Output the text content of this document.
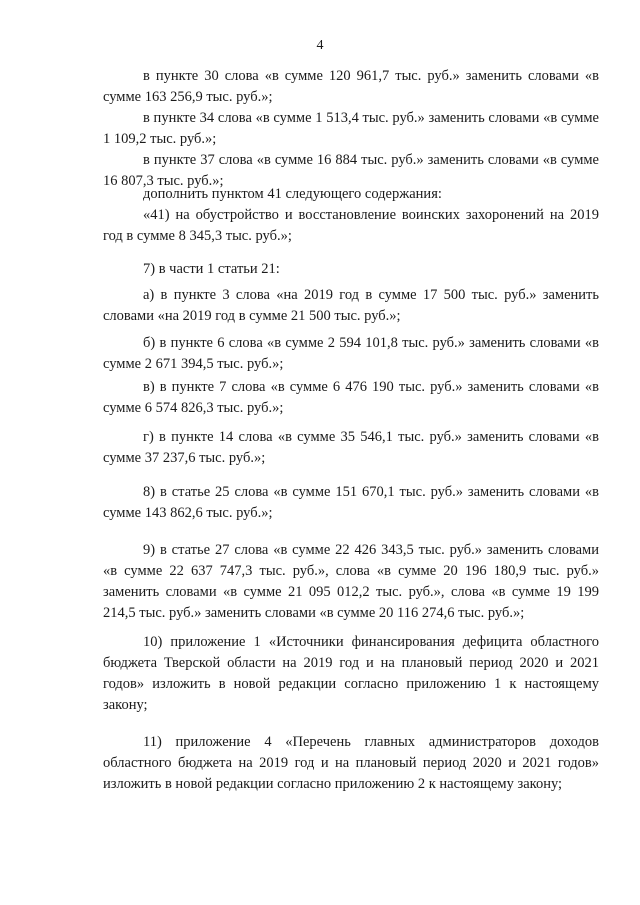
4

в пункте 30 слова «в сумме 120 961,7 тыс. руб.» заменить словами «в сумме 163 256,9 тыс. руб.»;

в пункте 34 слова «в сумме 1 513,4 тыс. руб.» заменить словами «в сумме 1 109,2 тыс. руб.»;

в пункте 37 слова «в сумме 16 884 тыс. руб.» заменить словами «в сумме 16 807,3 тыс. руб.»;

дополнить пунктом 41 следующего содержания:

«41) на обустройство и восстановление воинских захоронений на 2019 год в сумме 8 345,3 тыс. руб.»;

7) в части 1 статьи 21:

а) в пункте 3 слова «на 2019 год в сумме 17 500 тыс. руб.» заменить словами «на 2019 год в сумме 21 500 тыс. руб.»;

б) в пункте 6 слова «в сумме 2 594 101,8 тыс. руб.» заменить словами «в сумме 2 671 394,5 тыс. руб.»;

в) в пункте 7 слова «в сумме 6 476 190 тыс. руб.» заменить словами «в сумме 6 574 826,3 тыс. руб.»;

г) в пункте 14 слова «в сумме 35 546,1 тыс. руб.» заменить словами «в сумме 37 237,6 тыс. руб.»;

8) в статье 25 слова «в сумме 151 670,1 тыс. руб.» заменить словами «в сумме 143 862,6 тыс. руб.»;

9) в статье 27 слова «в сумме 22 426 343,5 тыс. руб.» заменить словами «в сумме 22 637 747,3 тыс. руб.», слова «в сумме 20 196 180,9 тыс. руб.» заменить словами «в сумме 21 095 012,2 тыс. руб.», слова «в сумме 19 199 214,5 тыс. руб.» заменить словами «в сумме 20 116 274,6 тыс. руб.»;

10) приложение 1 «Источники финансирования дефицита областного бюджета Тверской области на 2019 год и на плановый период 2020 и 2021 годов» изложить в новой редакции согласно приложению 1 к настоящему закону;

11) приложение 4 «Перечень главных администраторов доходов областного бюджета на 2019 год и на плановый период 2020 и 2021 годов» изложить в новой редакции согласно приложению 2 к настоящему закону;
